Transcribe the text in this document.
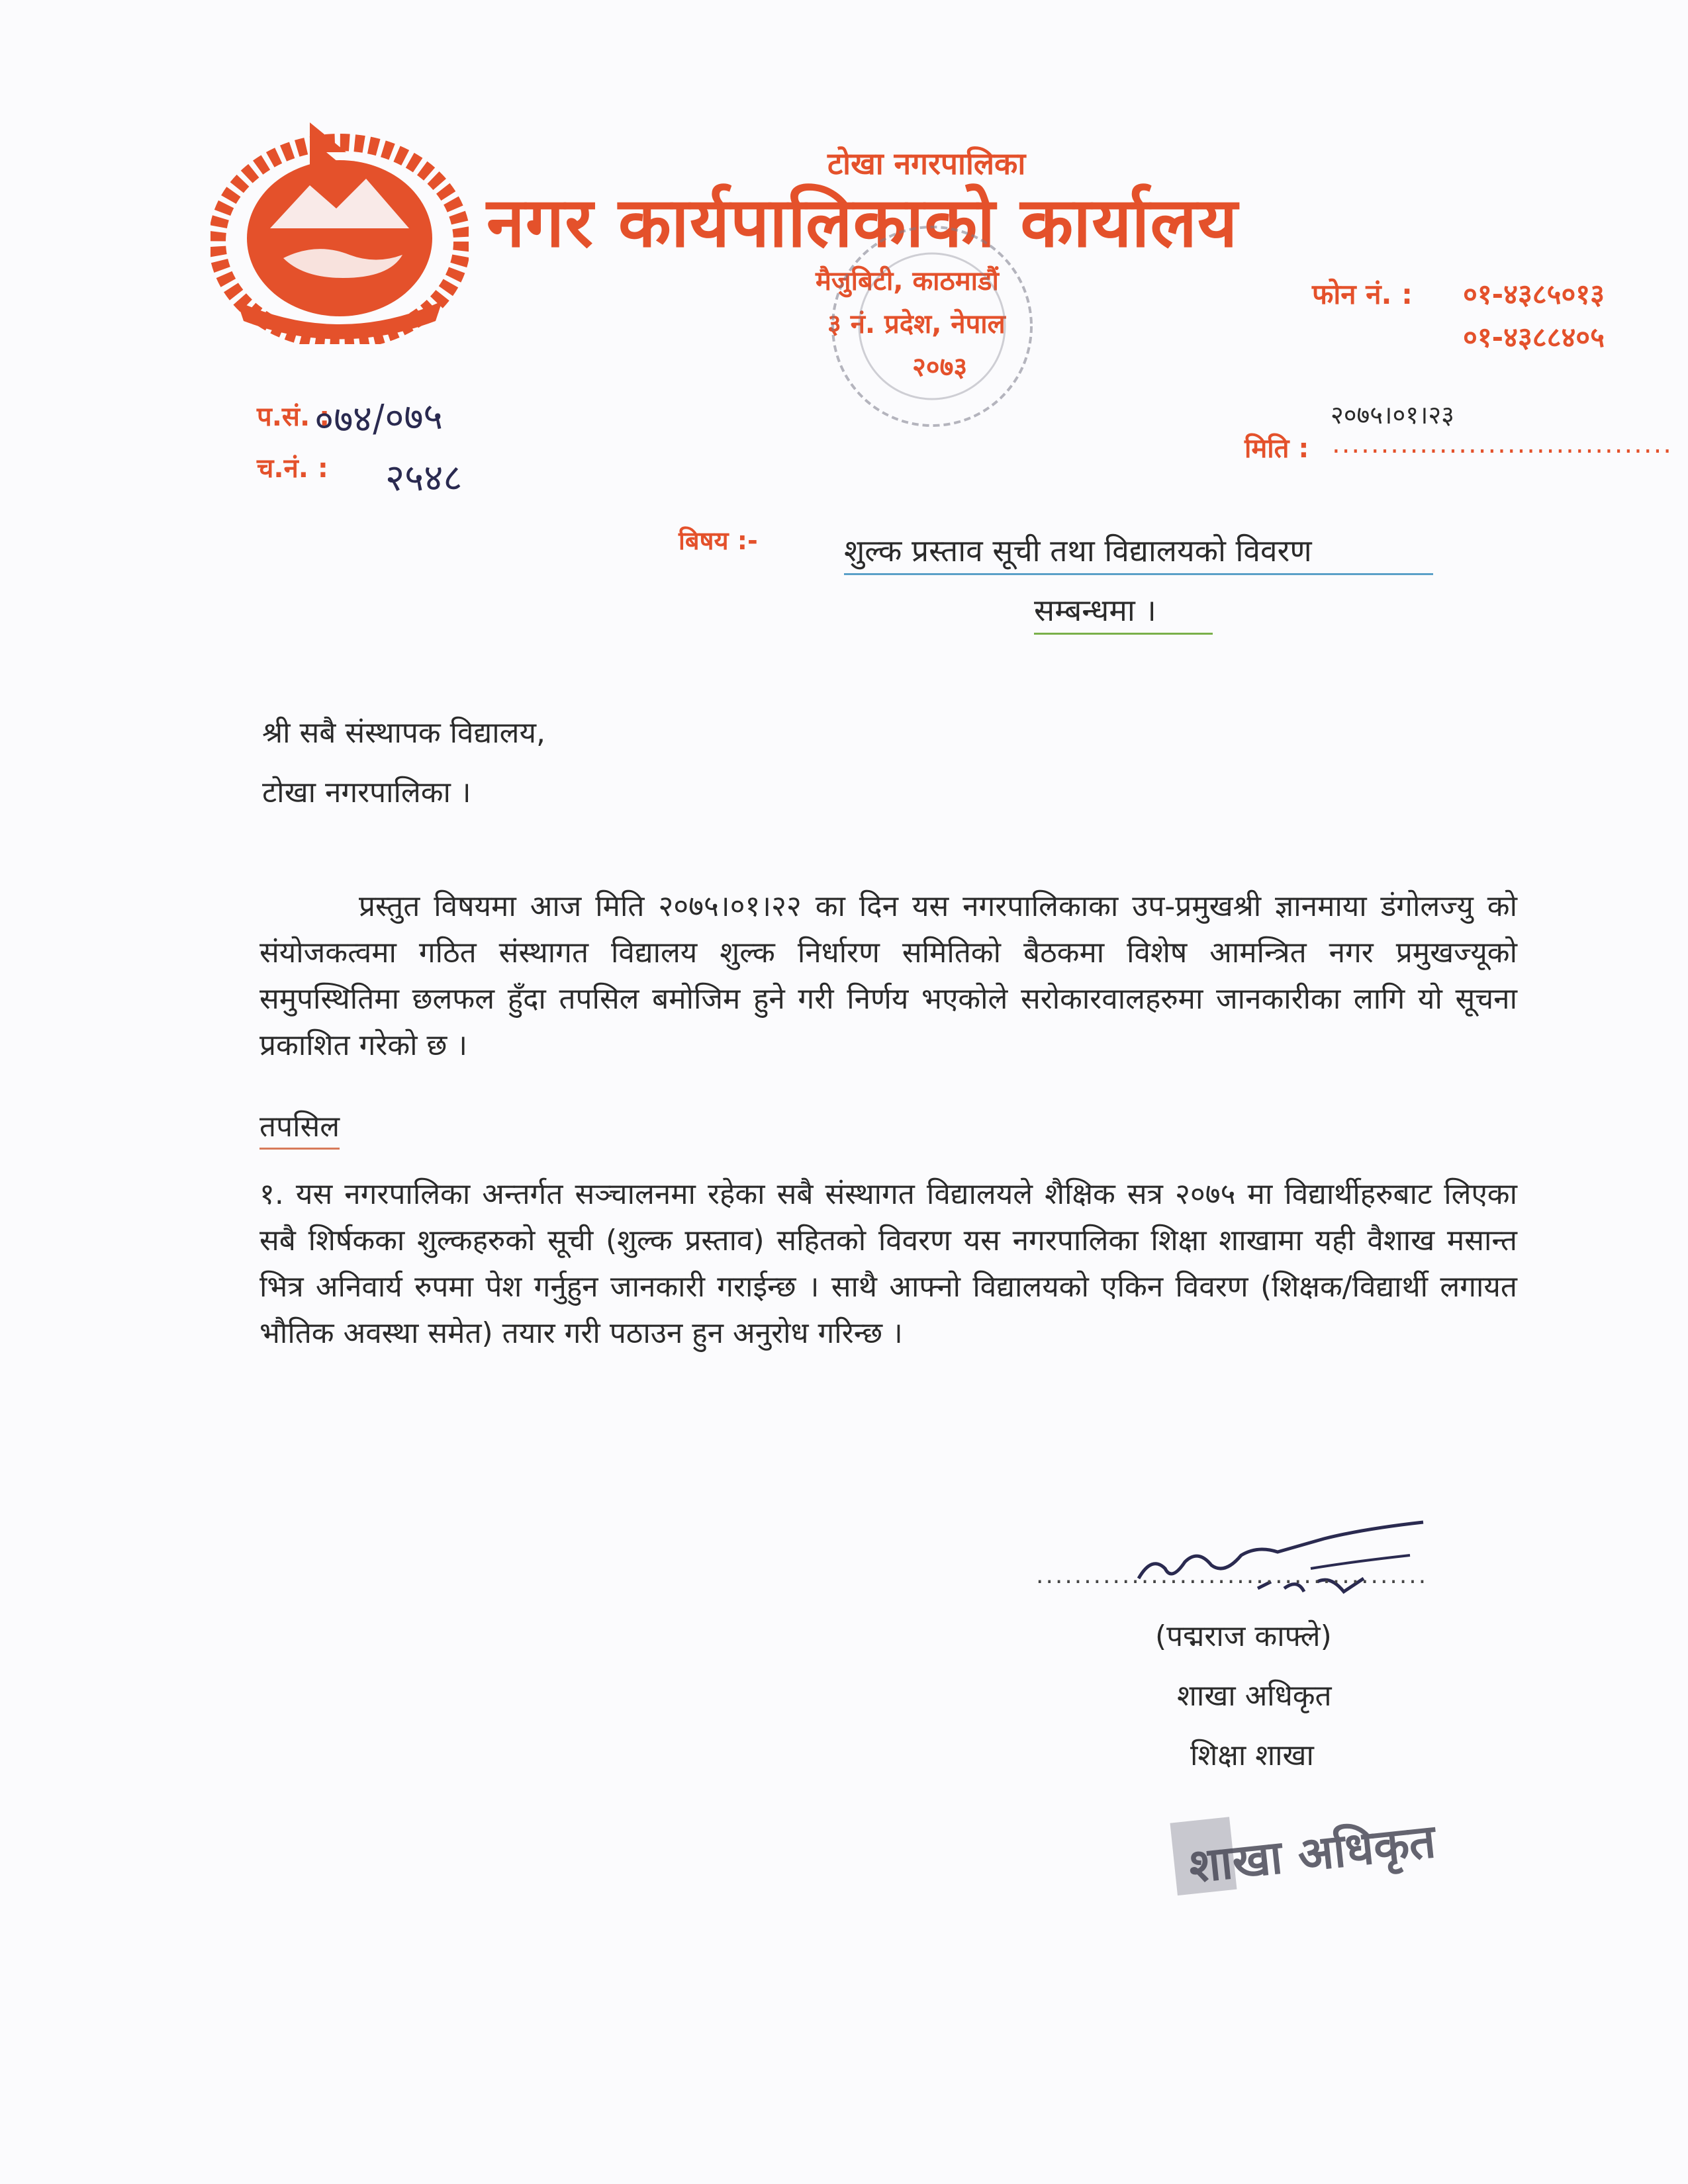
टोखा नगरपालिका
नगर कार्यपालिकाको कार्यालय
मैजुबिटी, काठमाडौं
३ नं. प्रदेश, नेपाल
२०७३
फोन नं. : ०१-४३८५०१३
०१-४३८८४०५
प.सं. :
०७४/०७५
च.नं. : २५४८
२०७५।०१।२३
मिति : ...................................
बिषय :-	शुल्क प्रस्ताव सूची तथा विद्यालयको विवरण
सम्बन्धमा ।
श्री सबै संस्थापक विद्यालय,
टोखा नगरपालिका ।
प्रस्तुत विषयमा आज मिति २०७५।०१।२२ का दिन यस नगरपालिकाका उप-प्रमुखश्री ज्ञानमाया डंगोलज्यु को संयोजकत्वमा गठित संस्थागत विद्यालय शुल्क निर्धारण समितिको बैठकमा विशेष आमन्त्रित नगर प्रमुखज्यूको समुपस्थितिमा छलफल हुँदा तपसिल बमोजिम हुने गरी निर्णय भएकोले सरोकारवालहरुमा जानकारीका लागि यो सूचना प्रकाशित गरेको छ ।
तपसिल
१. यस नगरपालिका अन्तर्गत सञ्चालनमा रहेका सबै संस्थागत विद्यालयले शैक्षिक सत्र २०७५ मा विद्यार्थीहरुबाट लिएका सबै शिर्षकका शुल्कहरुको सूची (शुल्क प्रस्ताव) सहितको विवरण यस नगरपालिका शिक्षा शाखामा यही वैशाख मसान्त भित्र अनिवार्य रुपमा पेश गर्नुहुन जानकारी गराईन्छ । साथै आफ्नो विद्यालयको एकिन विवरण (शिक्षक/विद्यार्थी लगायत भौतिक अवस्था समेत) तयार गरी पठाउन हुन अनुरोध गरिन्छ ।
.........................................
(पद्मराज काफ्ले)
शाखा अधिकृत
शिक्षा शाखा
शाखा अधिकृत
